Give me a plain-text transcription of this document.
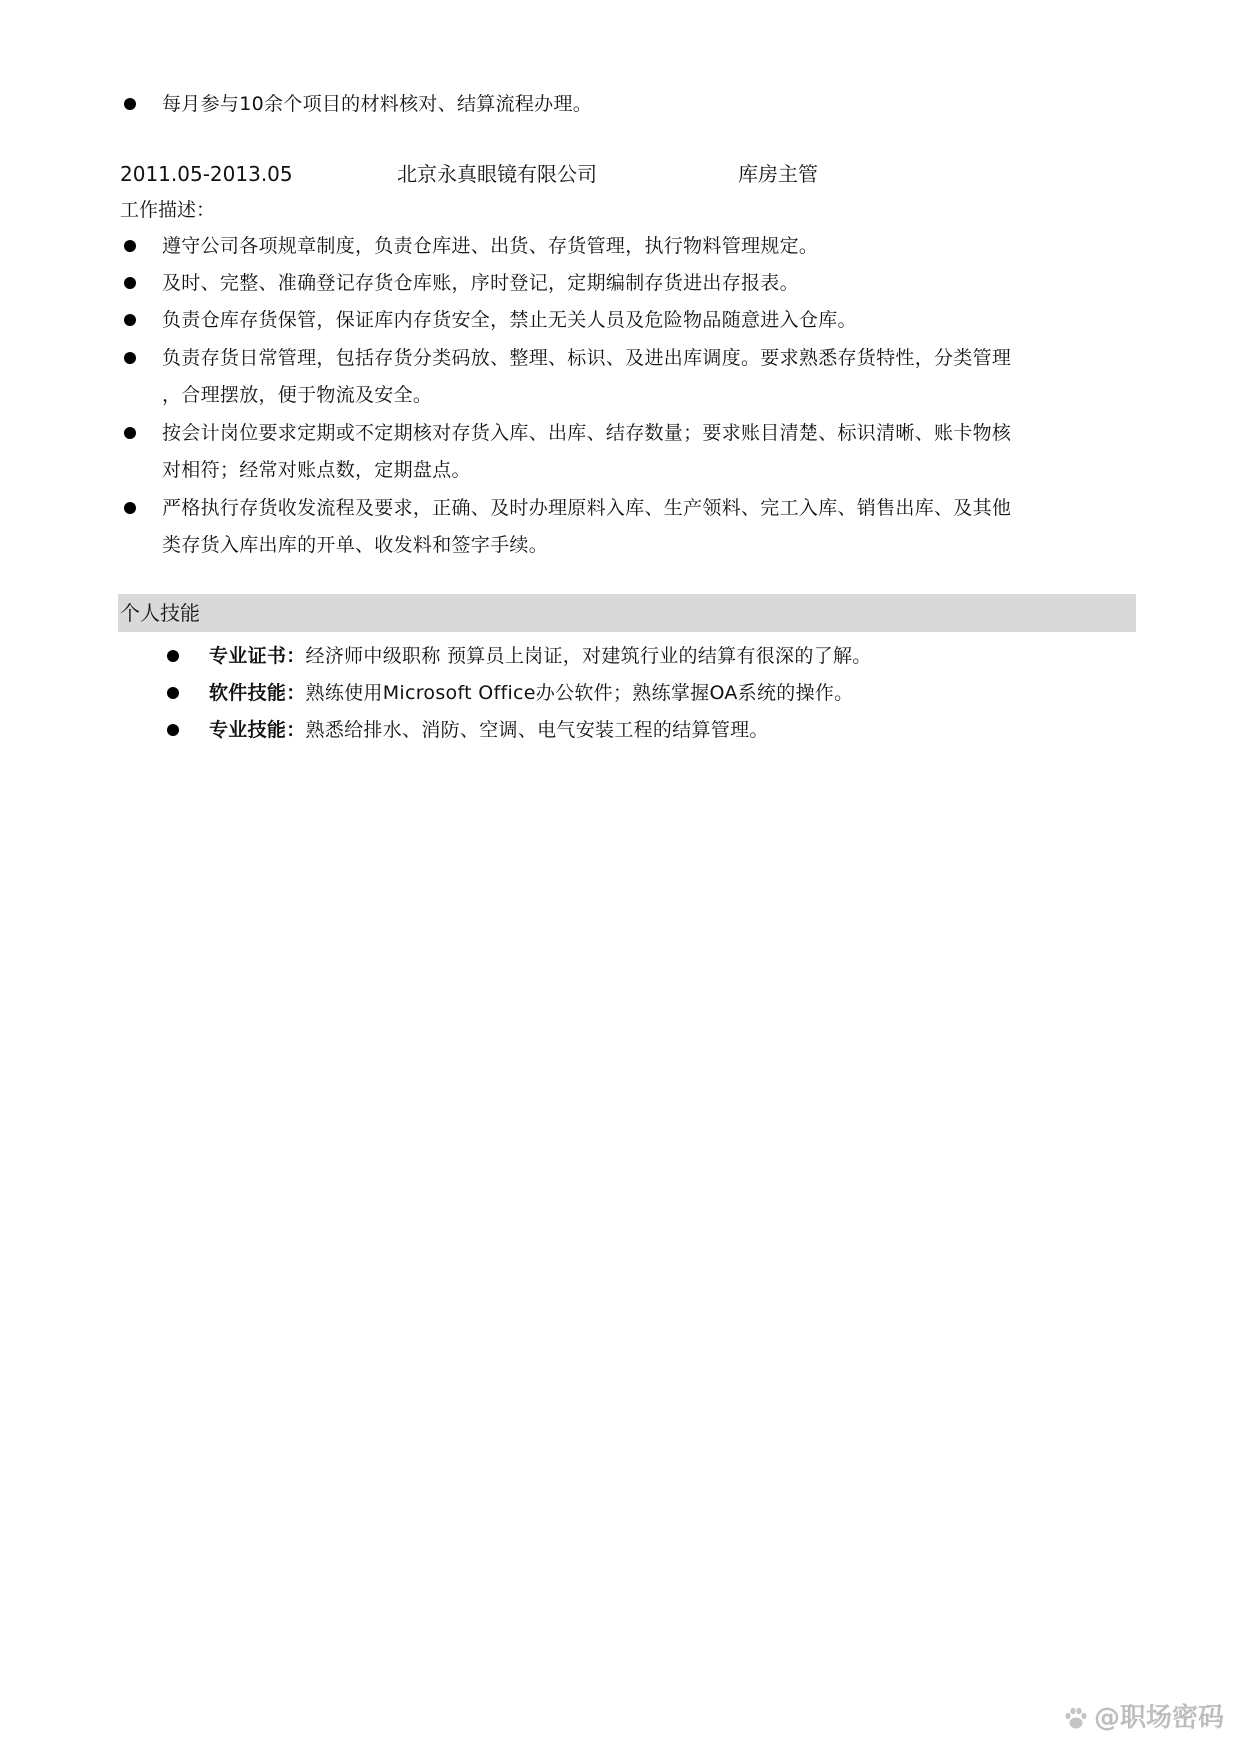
每月参与10余个项目的材料核对、结算流程办理。
2011.05-2013.05	北京永真眼镜有限公司	库房主管
工作描述：
遵守公司各项规章制度，负责仓库进、出货、存货管理，执行物料管理规定。
及时、完整、准确登记存货仓库账，序时登记，定期编制存货进出存报表。
负责仓库存货保管，保证库内存货安全，禁止无关人员及危险物品随意进入仓库。
负责存货日常管理，包括存货分类码放、整理、标识、及进出库调度。要求熟悉存货特性，分类管理
，合理摆放，便于物流及安全。
按会计岗位要求定期或不定期核对存货入库、出库、结存数量；要求账目清楚、标识清晰、账卡物核
对相符；经常对账点数，定期盘点。
严格执行存货收发流程及要求，正确、及时办理原料入库、生产领料、完工入库、销售出库、及其他
类存货入库出库的开单、收发料和签字手续。
个人技能
专业证书：经济师中级职称 预算员上岗证，对建筑行业的结算有很深的了解。
软件技能：熟练使用Microsoft Office办公软件；熟练掌握OA系统的操作。
专业技能：熟悉给排水、消防、空调、电气安装工程的结算管理。
@职场密码
